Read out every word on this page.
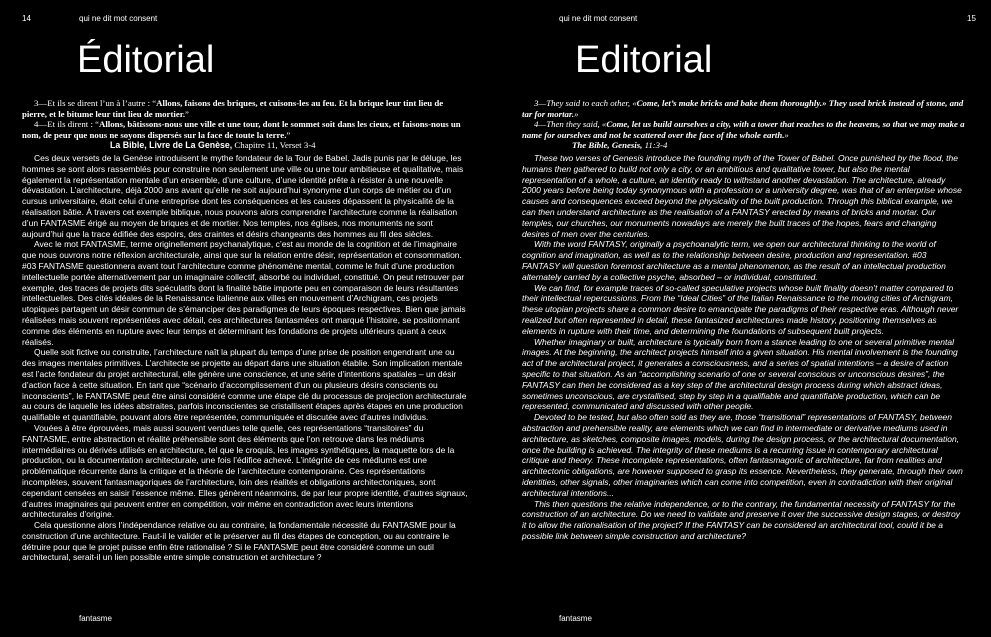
14	qui ne dit mot consent
Éditorial

3—Et ils se dirent l’un à l’autre : “Allons, faisons des briques, et cuisons-les au feu. Et la brique leur tint lieu de pierre, et le bitume leur tint lieu de mortier.”

4—Et ils dirent : “Allons, bâtissons-nous une ville et une tour, dont le sommet soit dans les cieux, et faisons-nous un nom, de peur que nous ne soyons dispersés sur la face de toute la terre.”

La Bible, Livre de La Genèse, Chapitre 11, Verset 3-4

Ces deux versets de la Genèse introduisent le mythe fondateur de la Tour de Babel. Jadis punis par le déluge, les hommes se sont alors rassemblés pour construire non seulement une ville ou une tour ambitieuse et qualitative, mais également la représentation mentale d’un ensemble, d’une culture, d’une identité prête à résister à une nouvelle dévastation. L’architecture, déjà 2000 ans avant qu’elle ne soit aujourd’hui synonyme d’un corps de métier ou d’un cursus universitaire, était celui d’une entreprise dont les conséquences et les causes dépassent la physicalité de la réalisation bâtie. À travers cet exemple biblique, nous pouvons alors comprendre l’architecture comme la réalisation d’un FANTASME érigé au moyen de briques et de mortier. Nos temples, nos églises, nos monuments ne sont aujourd’hui que la trace édifiée des espoirs, des craintes et désirs changeants des hommes au fil des siècles.

Avec le mot FANTASME, terme originellement psychanalytique, c’est au monde de la cognition et de l’imaginaire que nous ouvrons notre réflexion architecturale, ainsi que sur la relation entre désir, représentation et consommation. #03 FANTASME questionnera avant tout l’architecture comme phénomène mental, comme le fruit d’une production intellectuelle portée alternativement par un imaginaire collectif, absorbé ou individuel, constitué. On peut retrouver par exemple, des traces de projets dits spéculatifs dont la finalité bâtie importe peu en comparaison de leurs résultantes intellectuelles. Des cités idéales de la Renaissance italienne aux villes en mouvement d’Archigram, ces projets utopiques partagent un désir commun de s’émanciper des paradigmes de leurs époques respectives. Bien que jamais réalisées mais souvent représentées avec détail, ces architectures fantasmées ont marqué l’histoire, se positionnant comme des éléments en rupture avec leur temps et déterminant les fondations de projets ultérieurs quant à ceux réalisés.

Quelle soit fictive ou construite, l’architecture naît la plupart du temps d’une prise de position engendrant une ou des images mentales primitives. L’architecte se projette au départ dans une situation établie. Son implication mentale est l’acte fondateur du projet architectural, elle génère une conscience, et une série d’intentions spatiales – un désir d’action face à cette situation. En tant que “scénario d’accomplissement d’un ou plusieurs désirs conscients ou inconscients”, le FANTASME peut être ainsi considéré comme une étape clé du processus de projection architecturale au cours de laquelle les idées abstraites, parfois inconscientes se cristallisent étapes après étapes en une production qualifiable et quantifiable, pouvant alors être représentée, communiquée et discutée avec d’autres individus.

Vouées à être éprouvées, mais aussi souvent vendues telle quelle, ces représentations “transitoires” du FANTASME, entre abstraction et réalité préhensible sont des éléments que l’on retrouve dans les médiums intermédiaires ou dérivés utilisés en architecture, tel que le croquis, les images synthétiques, la maquette lors de la production, ou la documentation architecturale, une fois l’édifice achevé. L’intégrité de ces médiums est une problématique récurrente dans la critique et la théorie de l’architecture contemporaine. Ces représentations incomplètes, souvent fantasmagoriques de l’architecture, loin des réalités et obligations architectoniques, sont cependant censées en saisir l’essence même. Elles génèrent néanmoins, de par leur propre identité, d’autres signaux, d’autres imaginaires qui peuvent entrer en compétition, voir même en contradiction avec leurs intentions architecturales d’origine.

Cela questionne alors l’indépendance relative ou au contraire, la fondamentale nécessité du FANTASME pour la construction d’une architecture. Faut-il le valider et le préserver au fil des étapes de conception, ou au contraire le détruire pour que le projet puisse enfin être rationalisé ? Si le FANTASME peut être considéré comme un outil architectural, serait-il un lien possible entre simple construction et architecture ?

fantasme
qui ne dit mot consent	15
Editorial

3—They said to each other, «Come, let’s make bricks and bake them thoroughly.» They used brick instead of stone, and tar for mortar.»

4—Then they said, «Come, let us build ourselves a city, with a tower that reaches to the heavens, so that we may make a name for ourselves and not be scattered over the face of the whole earth.»

The Bible, Genesis, 11:3-4

These two verses of Genesis introduce the founding myth of the Tower of Babel. Once punished by the flood, the humans then gathered to build not only a city, or an ambitious and qualitative tower, but also the mental representation of a whole, a culture, an identity ready to withstand another devastation. The architecture, already 2000 years before being today synonymous with a profession or a university degree, was that of an enterprise whose causes and consequences exceed beyond the physicality of the built production. Through this biblical example, we can then understand architecture as the realisation of a FANTASY erected by means of bricks and mortar. Our temples, our churches, our monuments nowadays are merely the built traces of the hopes, fears and changing desires of men over the centuries.

With the word FANTASY, originally a psychoanalytic term, we open our architectural thinking to the world of cognition and imagination, as well as to the relationship between desire, production and representation. #03 FANTASY will question foremost architecture as a mental phenomenon, as the result of an intellectual production alternately carried by a collective psyche, absorbed – or individual, constituted.

We can find, for example traces of so-called speculative projects whose built finality doesn’t matter compared to their intellectual repercussions. From the “Ideal Cities” of the Italian Renaissance to the moving cities of Archigram, these utopian projects share a common desire to emancipate the paradigms of their respective eras. Although never realized but often represented in detail, these fantasized architectures made history, positioning themselves as elements in rupture with their time, and determining the foundations of subsequent built projects.

Whether imaginary or built, architecture is typically born from a stance leading to one or several primitive mental images. At the beginning, the architect projects himself into a given situation. His mental involvement is the founding act of the architectural project, it generates a consciousness, and a series of spatial intentions – a desire of action specific to that situation. As an “accomplishing scenario of one or several conscious or unconscious desires”, the FANTASY can then be considered as a key step of the architectural design process during which abstract ideas, sometimes unconscious, are crystallised, step by step in a qualifiable and quantifiable production, which can be represented, communicated and discussed with other people.

Devoted to be tested, but also often sold as they are, those “transitional” representations of FANTASY, between abstraction and prehensible reality, are elements which we can find in intermediate or derivative mediums used in architecture, as sketches, composite images, models, during the design process, or the architectural documentation, once the building is achieved. The integrity of these mediums is a recurring issue in contemporary architectural critique and theory. These incomplete representations, often fantasmagoric of architecture, far from realities and architectonic obligations, are however supposed to grasp its essence. Nevertheless, they generate, through their own identities, other signals, other imaginaries which can come into competition, even in contradiction with their original architectural intentions...

This then questions the relative independence, or to the contrary, the fundamental necessity of FANTASY for the construction of an architecture. Do we need to validate and preserve it over the successive design stages, or destroy it to allow the rationalisation of the project? If the FANTASY can be considered an architectural tool, could it be a possible link between simple construction and architecture?

fantasme
